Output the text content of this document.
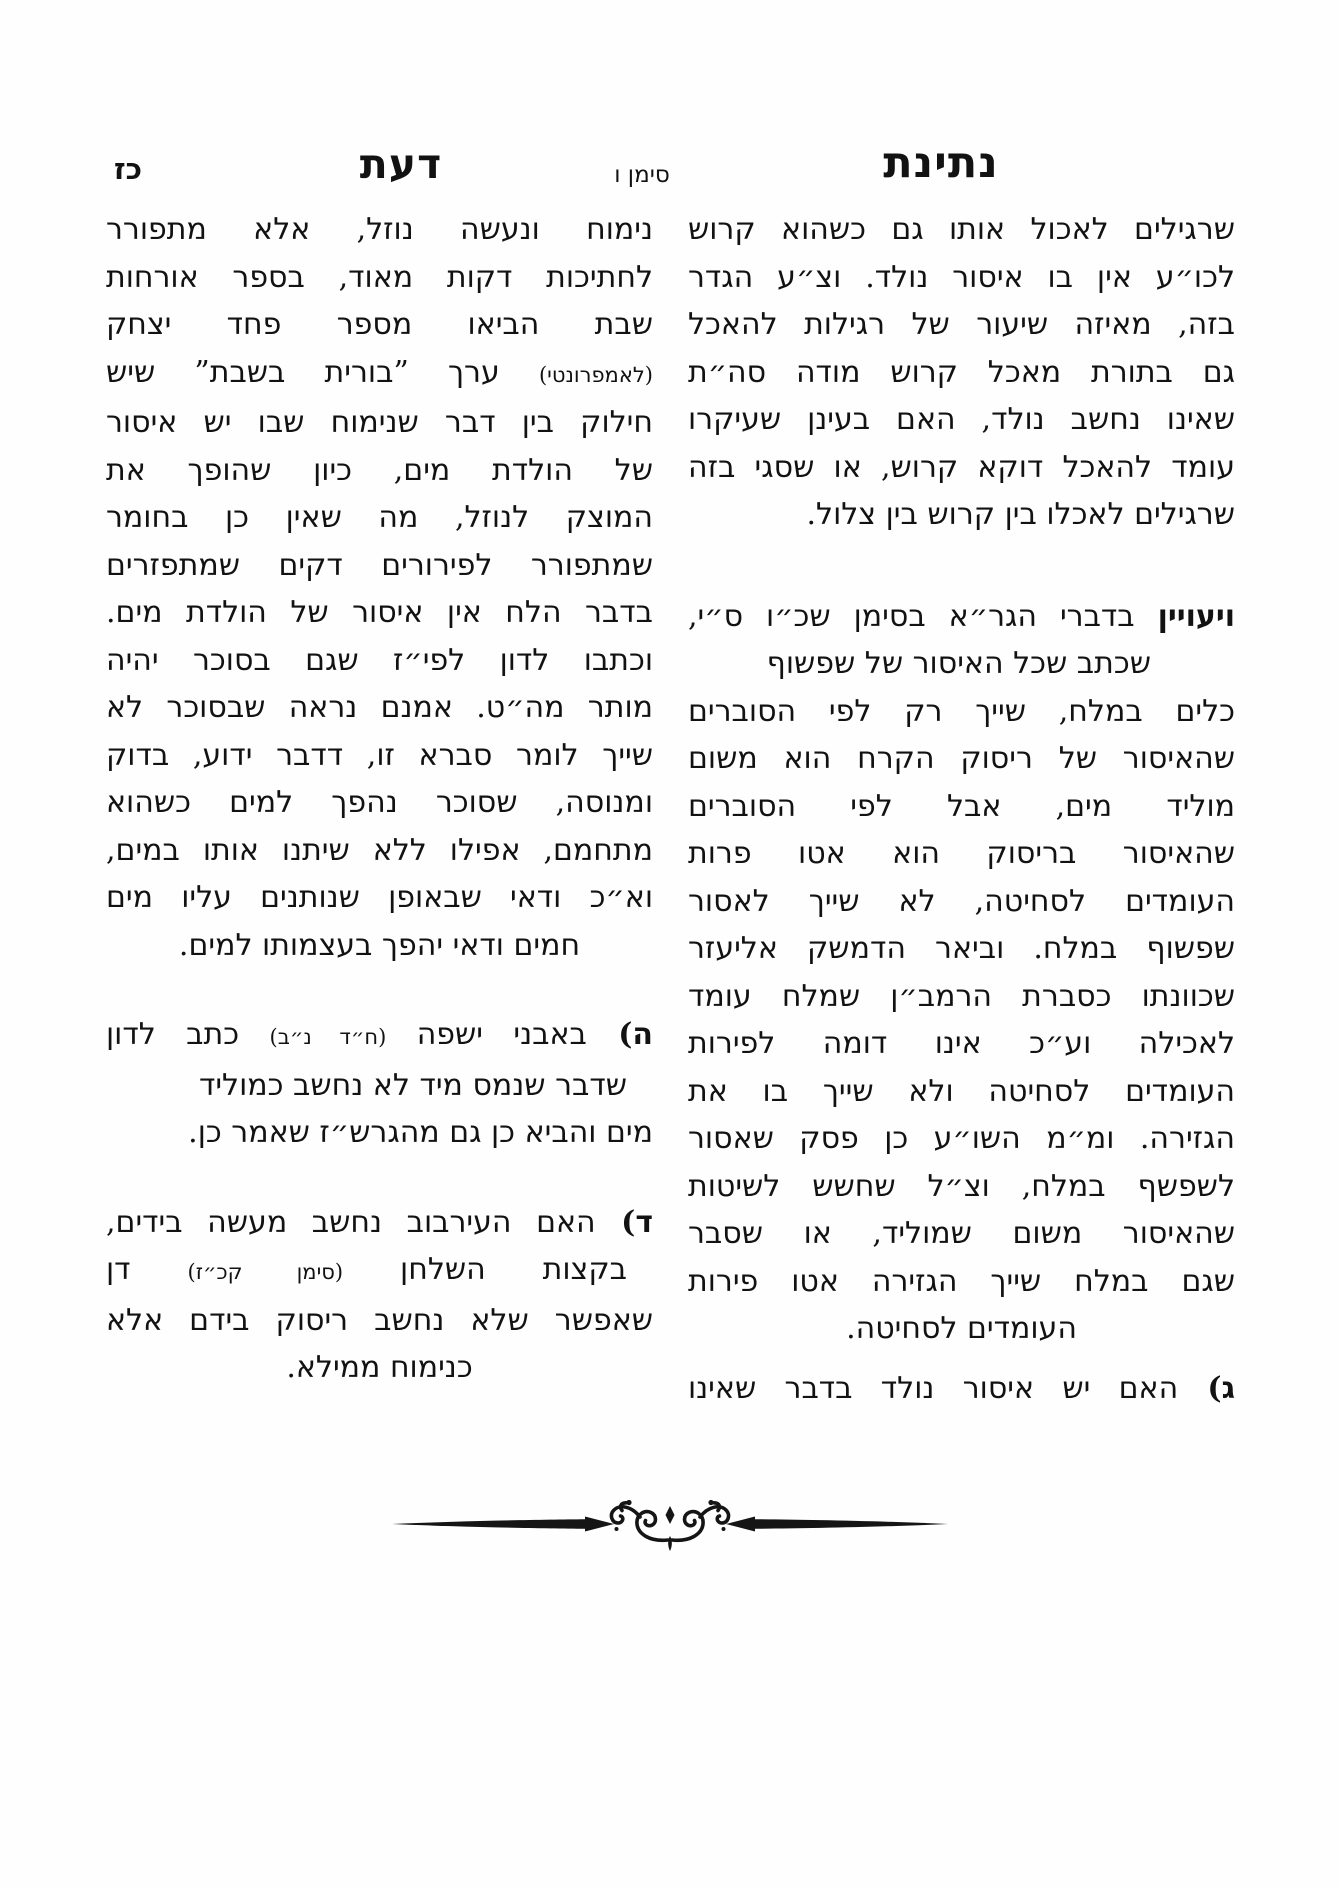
נתינת
סימן ו
דעת
כז
שרגילים לאכול אותו גם כשהוא קרוש
לכו״ע אין בו איסור נולד. וצ״ע הגדר
בזה, מאיזה שיעור של רגילות להאכל
גם בתורת מאכל קרוש מודה סה״ת
שאינו נחשב נולד, האם בעינן שעיקרו
עומד להאכל דוקא קרוש, או שסגי בזה
שרגילים לאכלו בין קרוש בין צלול.
ויעויין בדברי הגר״א בסימן שכ״ו ס״י,
שכתב שכל האיסור של שפשוף
כלים במלח, שייך רק לפי הסוברים
שהאיסור של ריסוק הקרח הוא משום
מוליד מים, אבל לפי הסוברים
שהאיסור בריסוק הוא אטו פרות
העומדים לסחיטה, לא שייך לאסור
שפשוף במלח. וביאר הדמשק אליעזר
שכוונתו כסברת הרמב״ן שמלח עומד
לאכילה וע״כ אינו דומה לפירות
העומדים לסחיטה ולא שייך בו את
הגזירה. ומ״מ השו״ע כן פסק שאסור
לשפשף במלח, וצ״ל שחשש לשיטות
שהאיסור משום שמוליד, או שסבר
שגם במלח שייך הגזירה אטו פירות
העומדים לסחיטה.
ג) האם יש איסור נולד בדבר שאינו
נימוח ונעשה נוזל, אלא מתפורר
לחתיכות דקות מאוד, בספר אורחות
שבת הביאו מספר פחד יצחק
(לאמפרונטי) ערך ”בורית בשבת” שיש
חילוק בין דבר שנימוח שבו יש איסור
של הולדת מים, כיון שהופך את
המוצק לנוזל, מה שאין כן בחומר
שמתפורר לפירורים דקים שמתפזרים
בדבר הלח אין איסור של הולדת מים.
וכתבו לדון לפי״ז שגם בסוכר יהיה
מותר מה״ט. אמנם נראה שבסוכר לא
שייך לומר סברא זו, דדבר ידוע, בדוק
ומנוסה, שסוכר נהפך למים כשהוא
מתחמם, אפילו ללא שיתנו אותו במים,
וא״כ ודאי שבאופן שנותנים עליו מים
חמים ודאי יהפך בעצמותו למים.
ה) באבני ישפה (ח״ד נ״ב) כתב לדון
שדבר שנמס מיד לא נחשב כמוליד
מים והביא כן גם מהגרש״ז שאמר כן.
ד) האם העירבוב נחשב מעשה בידים,
בקצות השלחן (סימן קכ״ז) דן
שאפשר שלא נחשב ריסוק בידם אלא
כנימוח ממילא.
